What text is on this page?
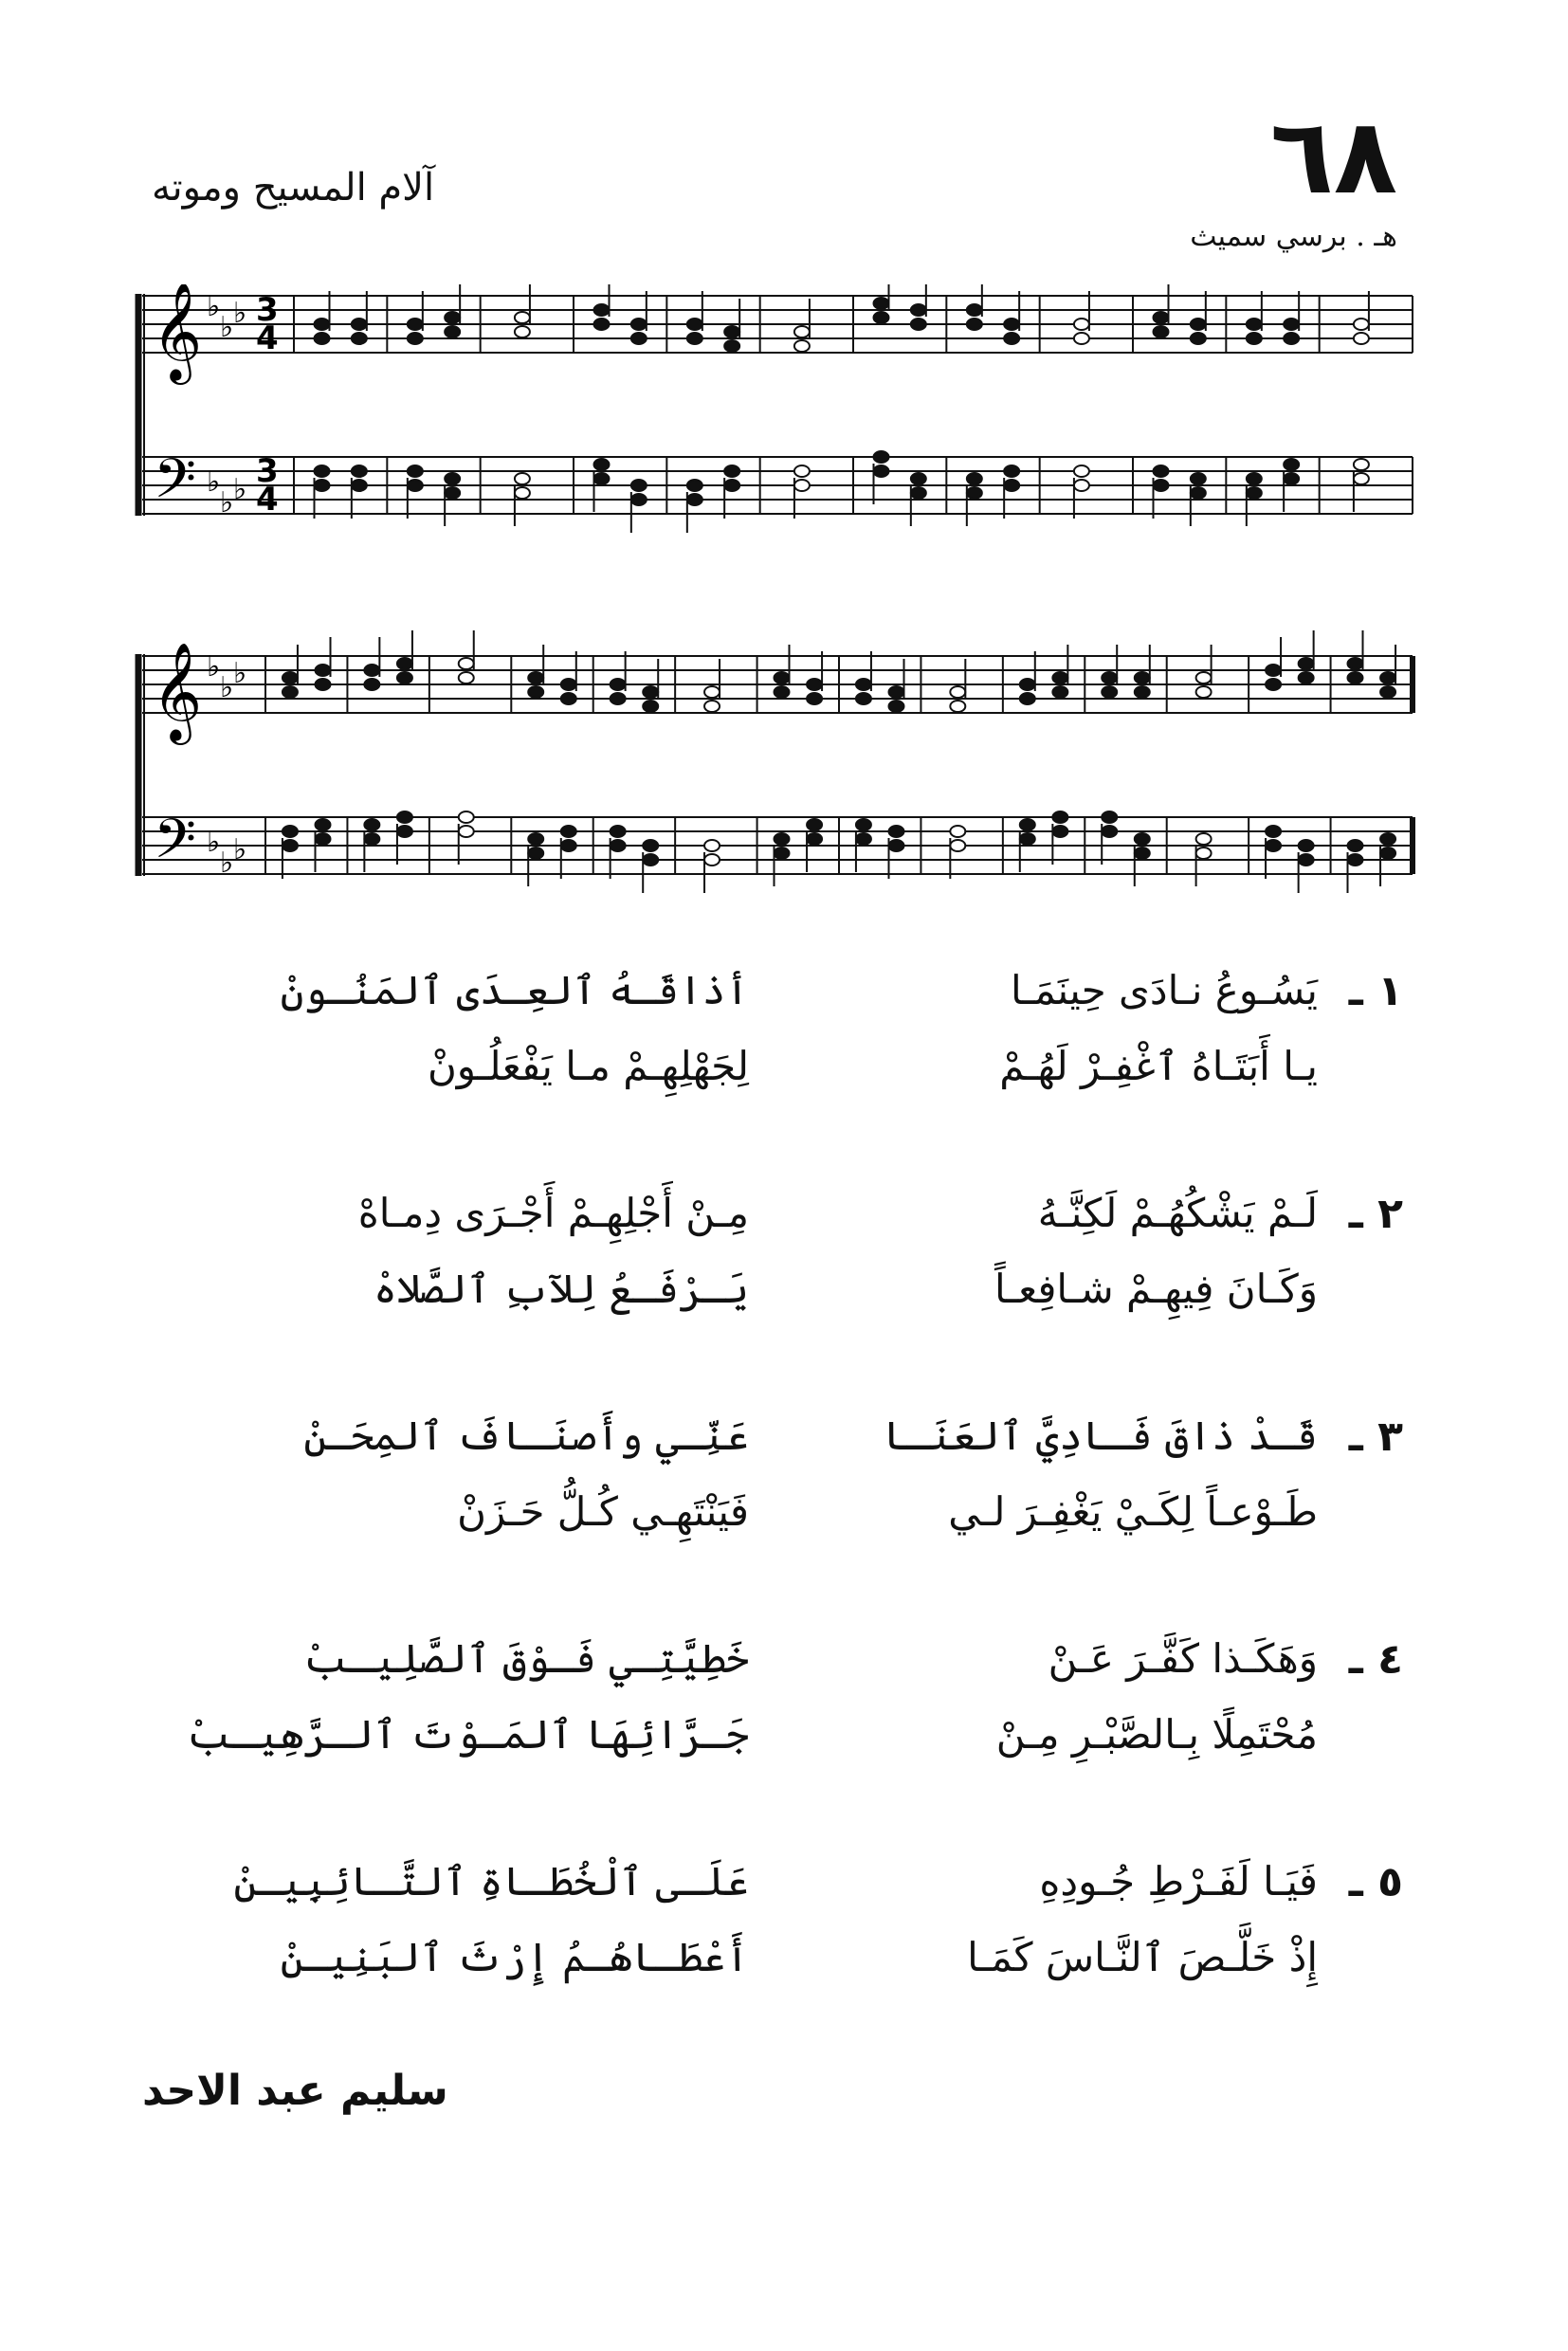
٦٨
آلام المسيح وموته
هـ . برسي سميث
𝄞
𝄢
3
4
3
4
♭
♭ ♭
♭
♭ ♭
𝄞
𝄢
♭
♭ ♭
♭
♭ ♭
١ ـ
يَسُـوعُ نـادَى حِينَمَـا
أذاقَـهُ ٱلعِـدَى ٱلمَنُـونْ
يـا أَبَتَـاهُ ٱغْفِـرْ لَهُـمْ
لِجَهْلِهِـمْ مـا يَفْعَلُـونْ
٢ ـ
لَـمْ يَشْكُهُـمْ لَكِنَّـهُ
مِـنْ أَجْلِهِـمْ أَجْـرَى دِمـاهْ
وَكَـانَ فِيهِـمْ شـافِعـاً
يَـرْفَـعُ لِلآبِ ٱلصَّلاهْ
٣ ـ
قَـدْ ذاقَ فَـادِيَّ ٱلعَنَـا
عَنِّـي وأَصنَـافَ ٱلمِحَـنْ
طَـوْعـاً لِكَـيْ يَغْفِـرَ لـي
فَيَنْتَهِـي كُـلُّ حَـزَنْ
٤ ـ
وَهَكَـذا كَفَّـرَ عَـنْ
خَطِيَّتِـي فَـوْقَ ٱلصَّلِيـبْ
مُحْتَمِلًا بِـالصَّبْـرِ مِـنْ
جَـرَّائِهَا ٱلمَـوْتَ ٱلـرَّهِيـبْ
٥ ـ
فَيَـا لَفَـرْطِ جُـودِهِ
عَلَـى ٱلْخُطَـاةِ ٱلتَّـائِبِيـنْ
إِذْ خَلَّـصَ ٱلنَّـاسَ كَمَـا
أَعْطَـاهُـمُ إِرْثَ ٱلبَنِيـنْ
سليم عبد الاحد
